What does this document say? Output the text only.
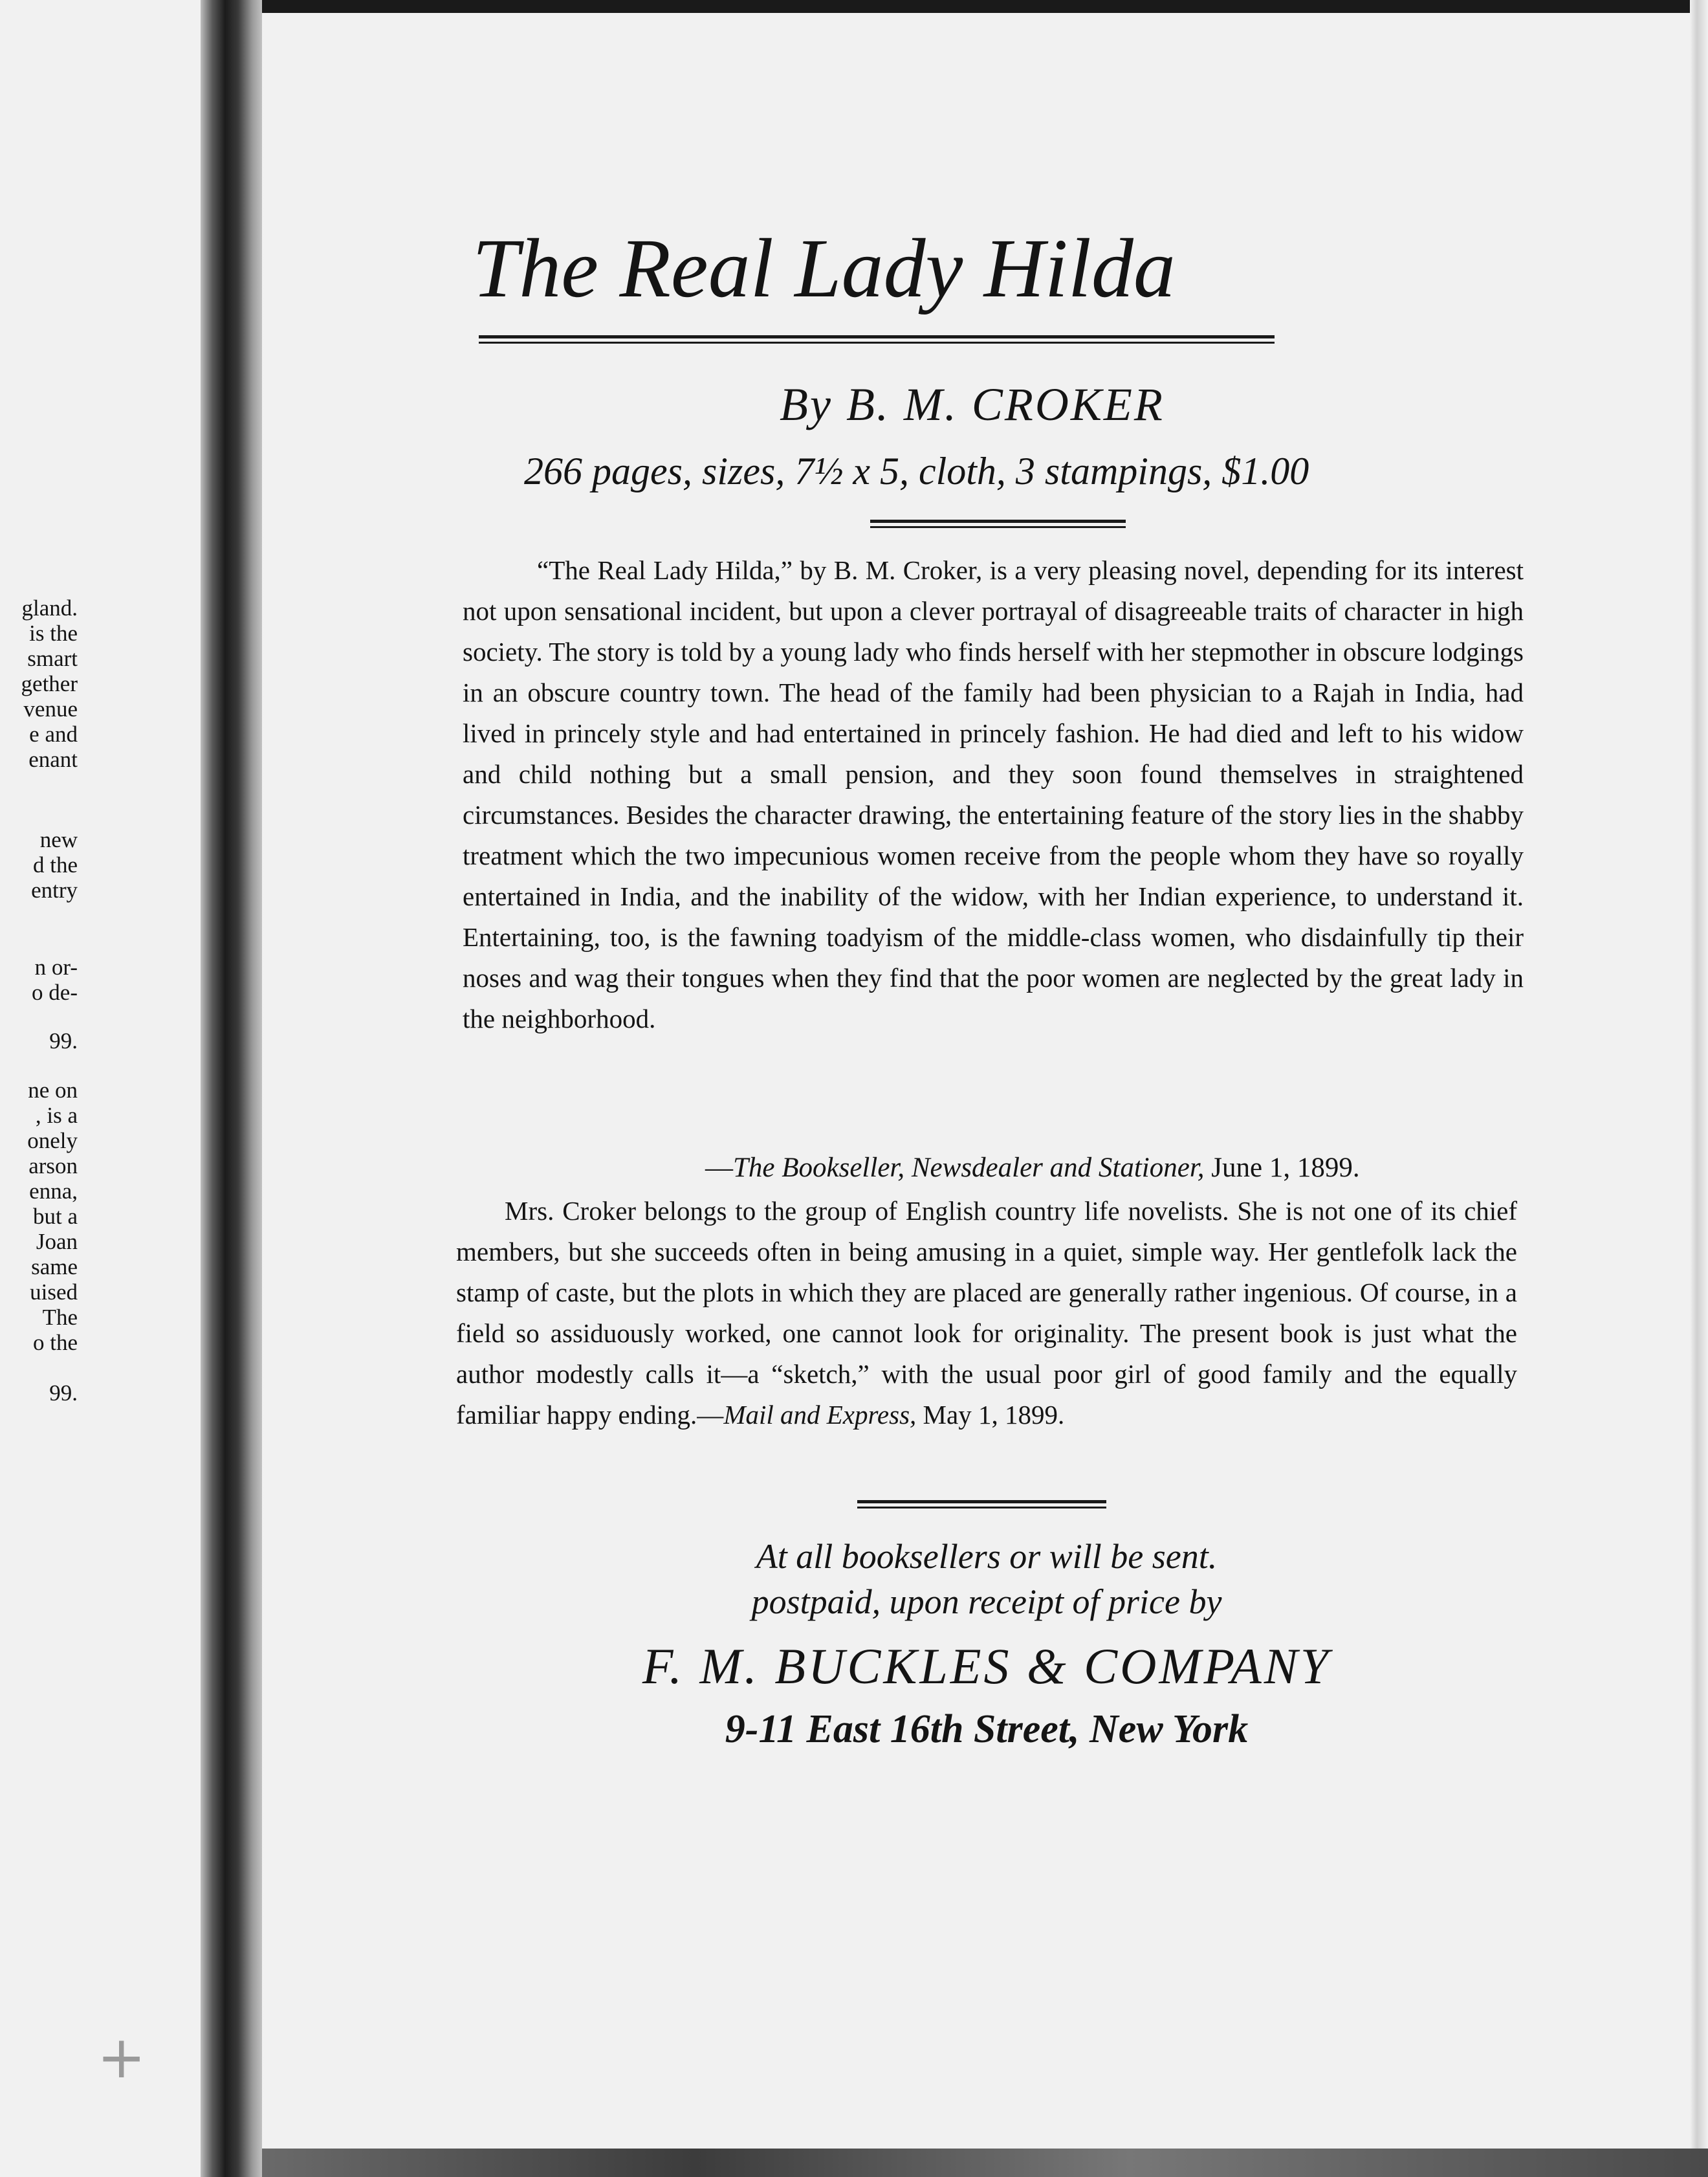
gland.
is the
smart
gether
venue
e and
enant
new
d the
entry
n or-
o de-
99.
ne on
, is a
onely
arson
enna,
but a
Joan
same
uised
The
o the
99.
+
The Real Lady Hilda
By B. M. CROKER

266 pages, sizes, 7½ x 5, cloth, 3 stampings, $1.00

“The Real Lady Hilda,” by B. M. Croker, is a very pleasing novel, depending for its interest not upon sensational incident, but upon a clever portrayal of disagreeable traits of character in high society. The story is told by a young lady who finds herself with her stepmother in obscure lodgings in an obscure country town. The head of the family had been physician to a Rajah in India, had lived in princely style and had entertained in princely fashion. He had died and left to his widow and child nothing but a small pension, and they soon found themselves in straightened circumstances. Besides the character drawing, the entertaining feature of the story lies in the shabby treatment which the two impecunious women receive from the people whom they have so royally entertained in India, and the inability of the widow, with her Indian experience, to understand it. Entertaining, too, is the fawning toadyism of the middle-class women, who disdainfully tip their noses and wag their tongues when they find that the poor women are neglected by the great lady in the neighborhood.

—The Bookseller, Newsdealer and Stationer, June 1, 1899.

Mrs. Croker belongs to the group of English country life novelists. She is not one of its chief members, but she succeeds often in being amusing in a quiet, simple way. Her gentlefolk lack the stamp of caste, but the plots in which they are placed are generally rather ingenious. Of course, in a field so assiduously worked, one cannot look for originality. The present book is just what the author modestly calls it—a “sketch,” with the usual poor girl of good family and the equally familiar happy ending.—Mail and Express, May 1, 1899.

At all booksellers or will be sent.

postpaid, upon receipt of price by

F. M. BUCKLES & COMPANY

9-11 East 16th Street, New York
